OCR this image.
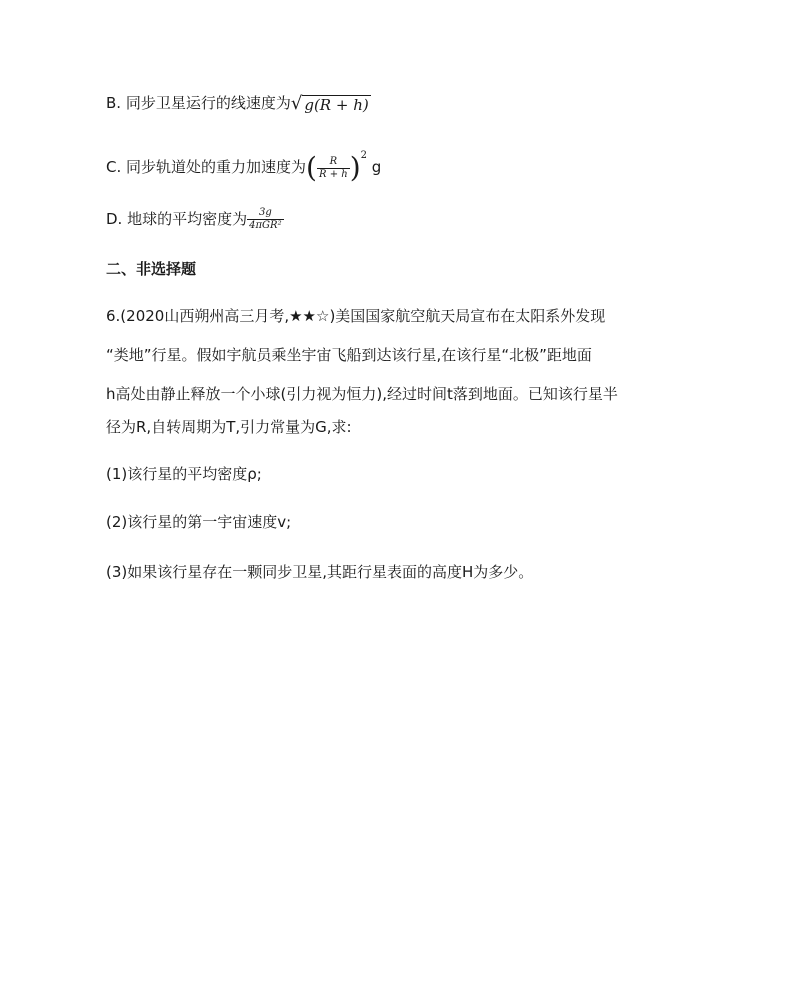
B. 同步卫星运行的线速度为√ g(R + h)
C. 同步轨道处的重力加速度为( $\frac{R}{R + h} )^2$ g
D. 地球的平均密度为 $\frac{3g}{\text{4πGR²}}$
二、非选择题
6.(2020山西朔州高三月考,★★☆)美国国家航空航天局宣布在太阳系外发现
“类地”行星。假如宇航员乘坐宇宙飞船到达该行星,在该行星“北极”距地面
h高处由静止释放一个小球(引力视为恒力),经过时间t落到地面。已知该行星半
径为R,自转周期为T,引力常量为G,求:
(1)该行星的平均密度ρ;
(2)该行星的第一宇宙速度v;
(3)如果该行星存在一颗同步卫星,其距行星表面的高度H为多少。
